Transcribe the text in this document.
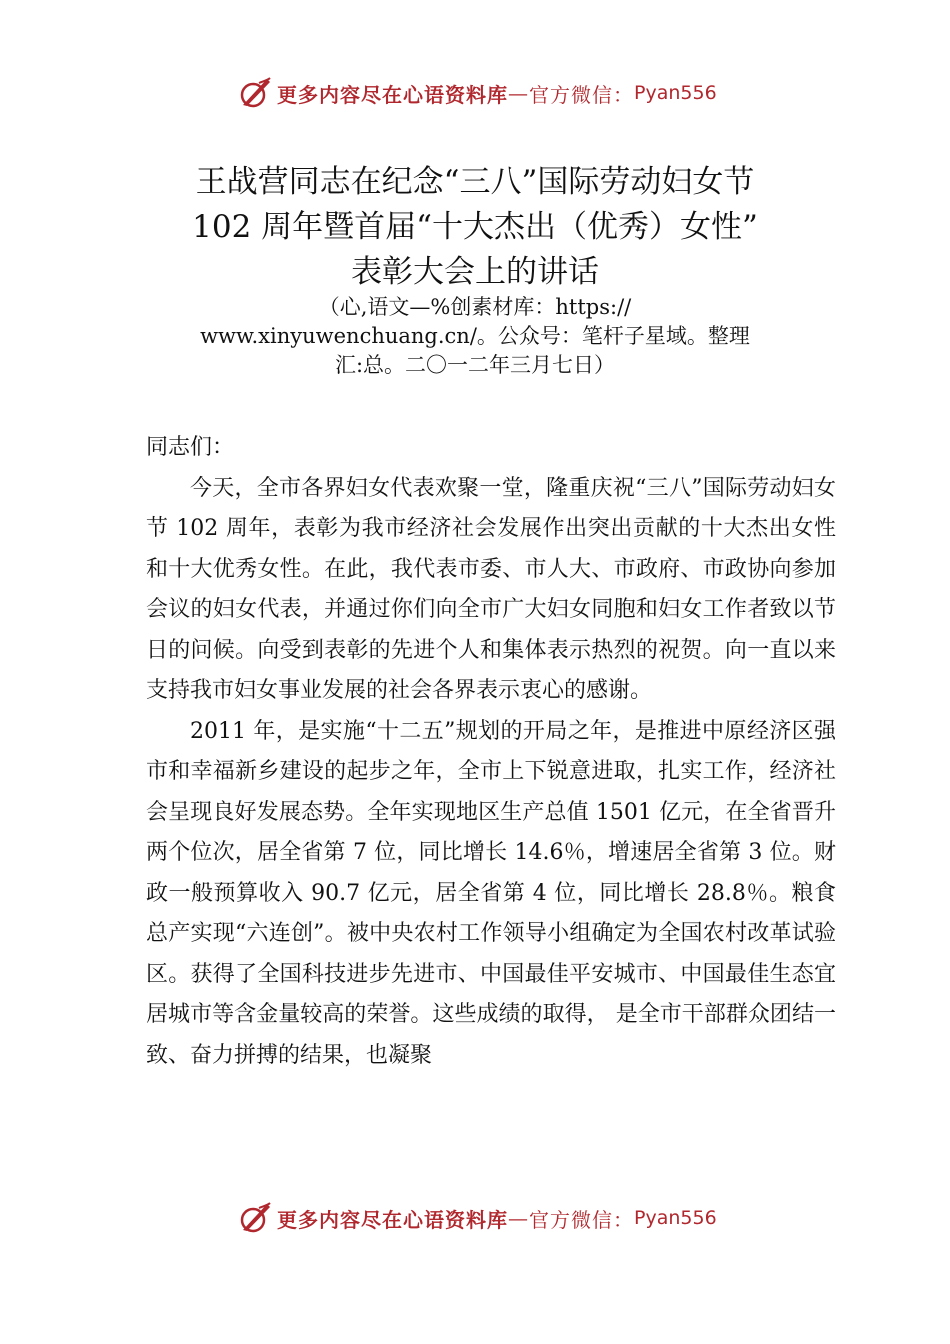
更多内容尽在心语资料库 — 官方微信： Pyan556
王战营同志在纪念“三八”国际劳动妇女节
102 周年暨首届“十大杰出（优秀）女性”
表彰大会上的讲话
（心,语文—%创素材库：https://
www.xinyuwenchuang.cn/。公众号：笔杆子星域。整理
汇:总。二〇一二年三月七日）

同志们：

今天，全市各界妇女代表欢聚一堂，隆重庆祝“三八”国际劳动妇女节 102 周年，表彰为我市经济社会发展作出突出贡献的十大杰出女性和十大优秀女性。在此，我代表市委、市人大、市政府、市政协向参加会议的妇女代表，并通过你们向全市广大妇女同胞和妇女工作者致以节日的问候。向受到表彰的先进个人和集体表示热烈的祝贺。向一直以来支持我市妇女事业发展的社会各界表示衷心的感谢。

2011 年，是实施“十二五”规划的开局之年，是推进中原经济区强市和幸福新乡建设的起步之年，全市上下锐意进取，扎实工作，经济社会呈现良好发展态势。全年实现地区生产总值 1501 亿元，在全省晋升两个位次，居全省第 7 位，同比增长 14.6％，增速居全省第 3 位。财政一般预算收入 90.7 亿元，居全省第 4 位，同比增长 28.8％。粮食总产实现“六连创”。被中央农村工作领导小组确定为全国农村改革试验区。获得了全国科技进步先进市、中国最佳平安城市、中国最佳生态宜居城市等含金量较高的荣誉。这些成绩的取得， 是全市干部群众团结一致、奋力拼搏的结果，也凝聚

更多内容尽在心语资料库 — 官方微信： Pyan556
